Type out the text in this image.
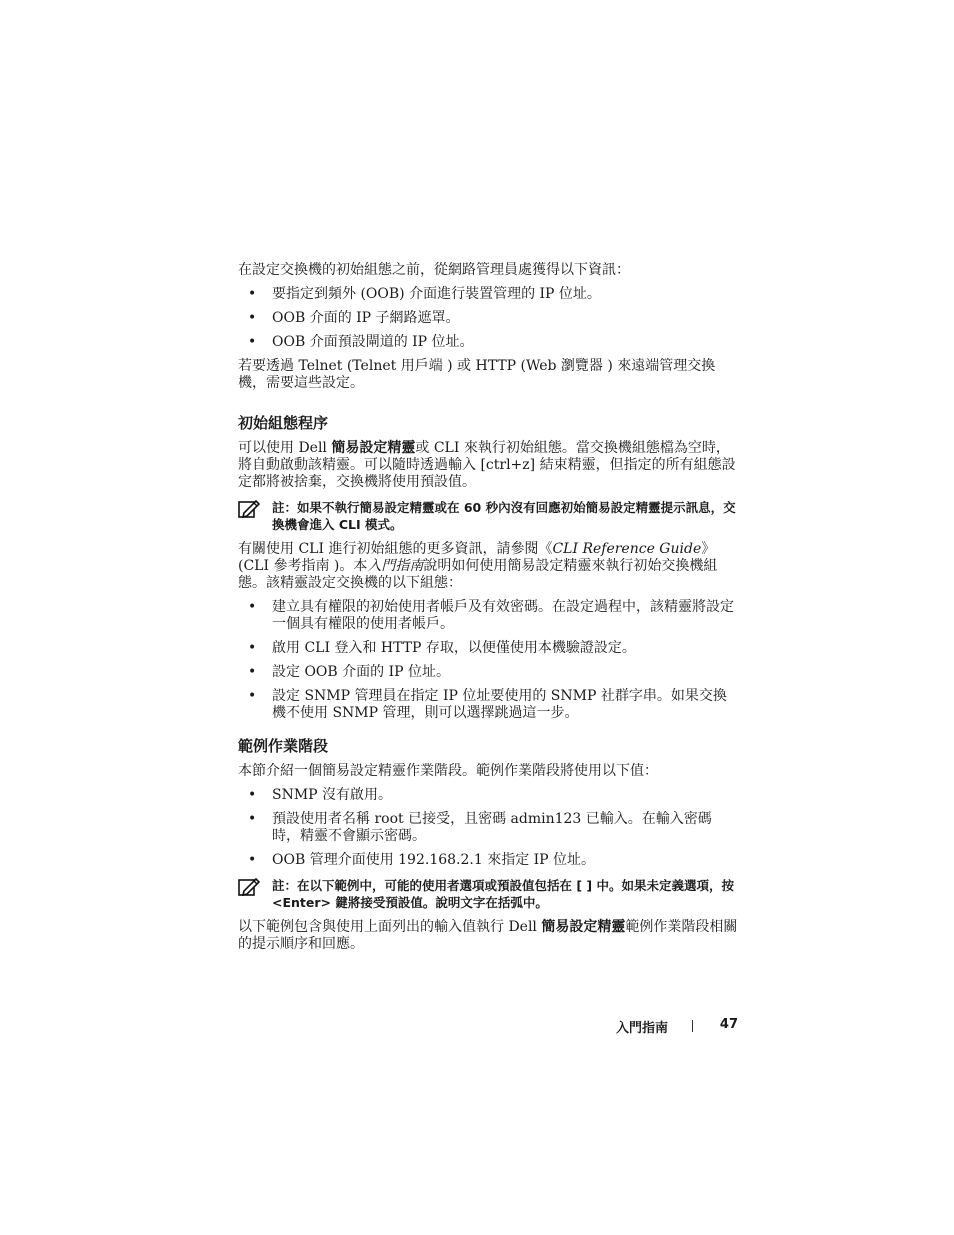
在設定交換機的初始組態之前，從網路管理員處獲得以下資訊：

• 要指定到頻外 (OOB) 介面進行裝置管理的 IP 位址。
• OOB 介面的 IP 子網路遮罩。
• OOB 介面預設閘道的 IP 位址。

若要透過 Telnet (Telnet 用戶端 ) 或 HTTP (Web 瀏覽器 ) 來遠端管理交換機，需要這些設定。

初始組態程序

可以使用 Dell 簡易設定精靈或 CLI 來執行初始組態。當交換機組態檔為空時，將自動啟動該精靈。可以隨時透過輸入 [ctrl+z] 結束精靈，但指定的所有組態設定都將被捨棄，交換機將使用預設值。

註：如果不執行簡易設定精靈或在 60 秒內沒有回應初始簡易設定精靈提示訊息，交換機會進入 CLI 模式。

有關使用 CLI 進行初始組態的更多資訊，請參閱《CLI Reference Guide》(CLI 參考指南 )。本入門指南說明如何使用簡易設定精靈來執行初始交換機組態。該精靈設定交換機的以下組態：

• 建立具有權限的初始使用者帳戶及有效密碼。在設定過程中，該精靈將設定一個具有權限的使用者帳戶。
• 啟用 CLI 登入和 HTTP 存取，以便僅使用本機驗證設定。
• 設定 OOB 介面的 IP 位址。
• 設定 SNMP 管理員在指定 IP 位址要使用的 SNMP 社群字串。如果交換機不使用 SNMP 管理，則可以選擇跳過這一步。
範例作業階段

本節介紹一個簡易設定精靈作業階段。範例作業階段將使用以下值：

• SNMP 沒有啟用。
• 預設使用者名稱 root 已接受，且密碼 admin123 已輸入。在輸入密碼時，精靈不會顯示密碼。
• OOB 管理介面使用 192.168.2.1 來指定 IP 位址。
註：在以下範例中，可能的使用者選項或預設值包括在 [ ] 中。如果未定義選項，按 <Enter> 鍵將接受預設值。說明文字在括弧中。

以下範例包含與使用上面列出的輸入值執行 Dell 簡易設定精靈範例作業階段相關的提示順序和回應。

入門指南	47
